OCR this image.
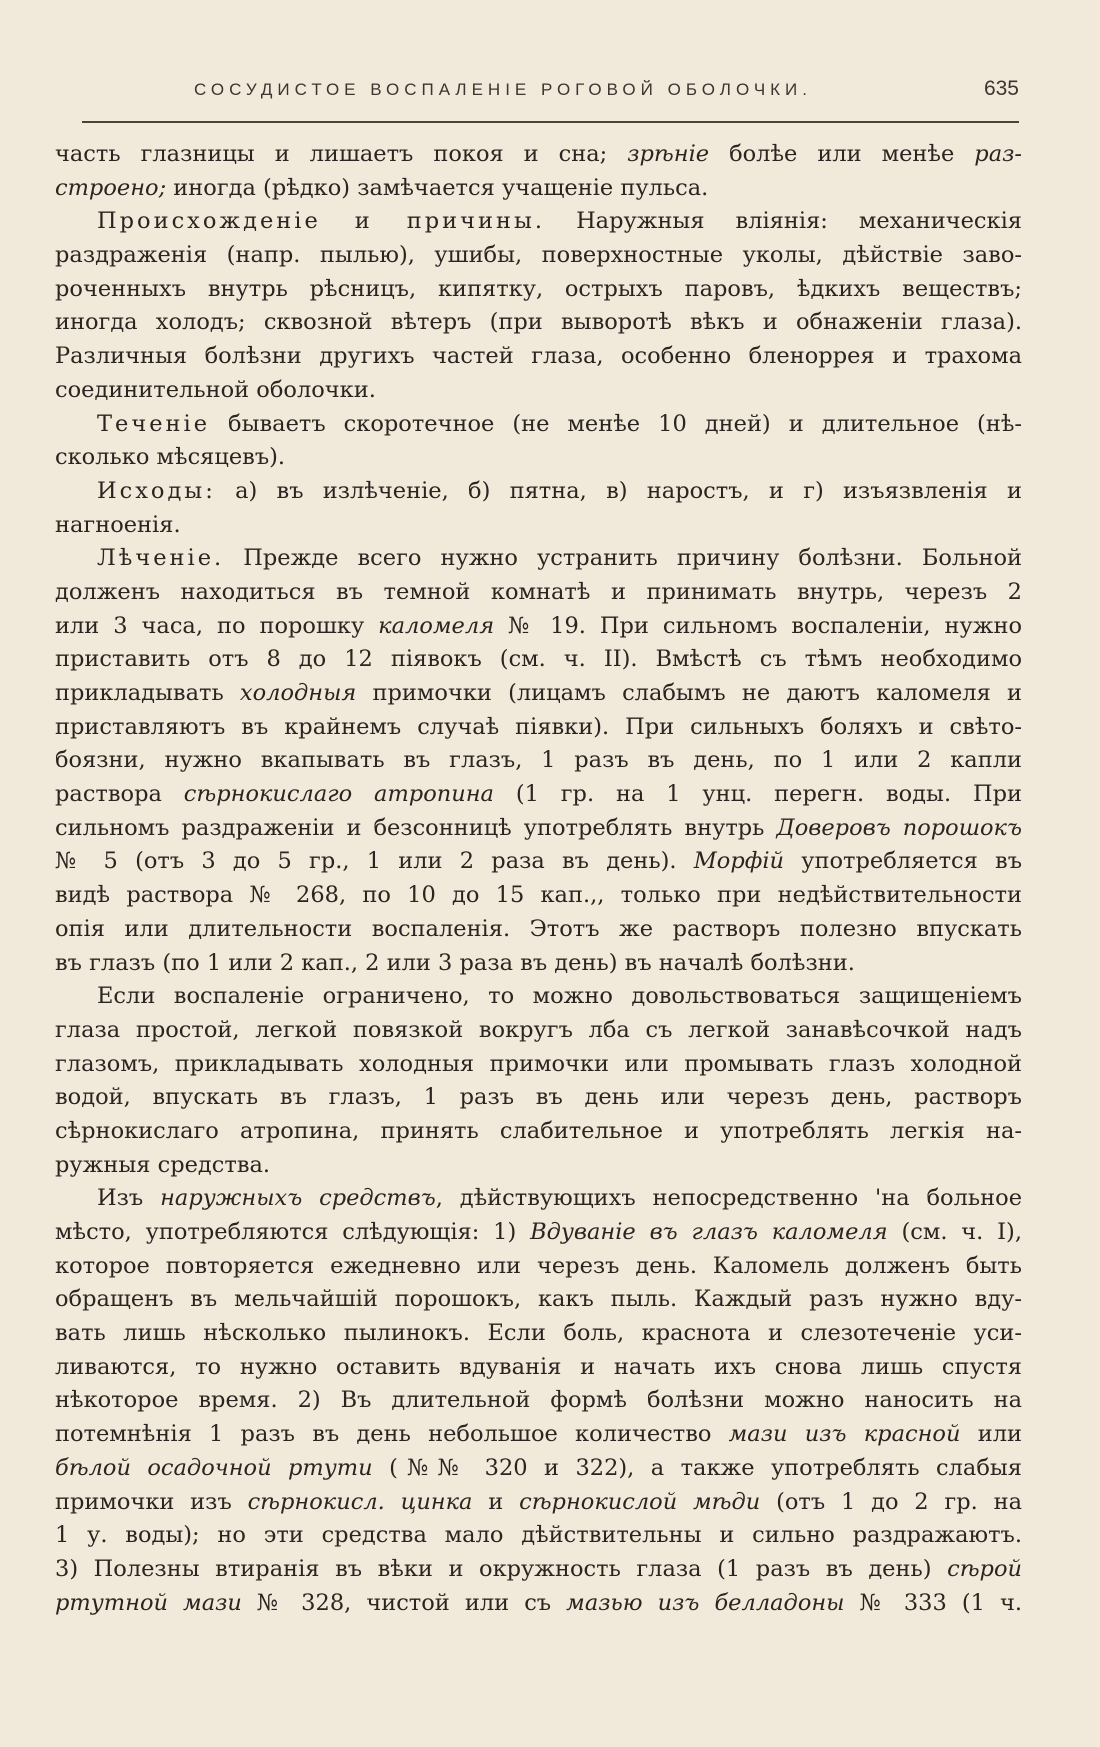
СОСУДИСТОЕ ВОСПАЛЕНІЕ РОГОВОЙ ОБОЛОЧКИ.	635
часть глазницы и лишаетъ покоя и сна; зрѣніе болѣе или менѣе раз-
строено; иногда (рѣдко) замѣчается учащеніе пульса.
Происхожденіе и причины. Наружныя вліянія: механическія
раздраженія (напр. пылью), ушибы, поверхностные уколы, дѣйствіе заво-
роченныхъ внутрь рѣсницъ, кипятку, острыхъ паровъ, ѣдкихъ веществъ;
иногда холодъ; сквозной вѣтеръ (при выворотѣ вѣкъ и обнаженіи глаза).
Различныя болѣзни другихъ частей глаза, особенно бленоррея и трахома
соединительной оболочки.
Теченіе бываетъ скоротечное (не менѣе 10 дней) и длительное (нѣ-
сколько мѣсяцевъ).
Исходы: а) въ излѣченіе, б) пятна, в) наростъ, и г) изъязвленія и
нагноенія.
Лѣченіе. Прежде всего нужно устранить причину болѣзни. Больной
долженъ находиться въ темной комнатѣ и принимать внутрь, черезъ 2
или 3 часа, по порошку каломеля № 19. При сильномъ воспаленіи, нужно
приставить отъ 8 до 12 піявокъ (см. ч. II). Вмѣстѣ съ тѣмъ необходимо
прикладывать холодныя примочки (лицамъ слабымъ не даютъ каломеля и
приставляютъ въ крайнемъ случаѣ піявки). При сильныхъ боляхъ и свѣто-
боязни, нужно вкапывать въ глазъ, 1 разъ въ день, по 1 или 2 капли
раствора сѣрнокислаго атропина (1 гр. на 1 унц. перегн. воды. При
сильномъ раздраженіи и безсонницѣ употреблять внутрь Доверовъ порошокъ
№ 5 (отъ 3 до 5 гр., 1 или 2 раза въ день). Морфій употребляется въ
видѣ раствора № 268, по 10 до 15 кап.,, только при недѣйствительности
опія или длительности воспаленія. Этотъ же растворъ полезно впускать
въ глазъ (по 1 или 2 кап., 2 или 3 раза въ день) въ началѣ болѣзни.
Если воспаленіе ограничено, то можно довольствоваться защищеніемъ
глаза простой, легкой повязкой вокругъ лба съ легкой занавѣсочкой надъ
глазомъ, прикладывать холодныя примочки или промывать глазъ холодной
водой, впускать въ глазъ, 1 разъ въ день или черезъ день, растворъ
сѣрнокислаго атропина, принять слабительное и употреблять легкія на-
ружныя средства.
Изъ наружныхъ средствъ, дѣйствующихъ непосредственно 'на больное
мѣсто, употребляются слѣдующія: 1) Вдуваніе въ глазъ каломеля (см. ч. I),
которое повторяется ежедневно или черезъ день. Каломель долженъ быть
обращенъ въ мельчайшій порошокъ, какъ пыль. Каждый разъ нужно вду-
вать лишь нѣсколько пылинокъ. Если боль, краснота и слезотеченіе уси-
ливаются, то нужно оставить вдуванія и начать ихъ снова лишь спустя
нѣкоторое время. 2) Въ длительной формѣ болѣзни можно наносить на
потемнѣнія 1 разъ въ день небольшое количество мази изъ красной или
бѣлой осадочной ртути (№№ 320 и 322), а также употреблять слабыя
примочки изъ сѣрнокисл. цинка и сѣрнокислой мѣди (отъ 1 до 2 гр. на
1 у. воды); но эти средства мало дѣйствительны и сильно раздражаютъ.
3) Полезны втиранія въ вѣки и окружность глаза (1 разъ въ день) сѣрой
ртутной мази № 328, чистой или съ мазью изъ белладоны № 333 (1 ч.
